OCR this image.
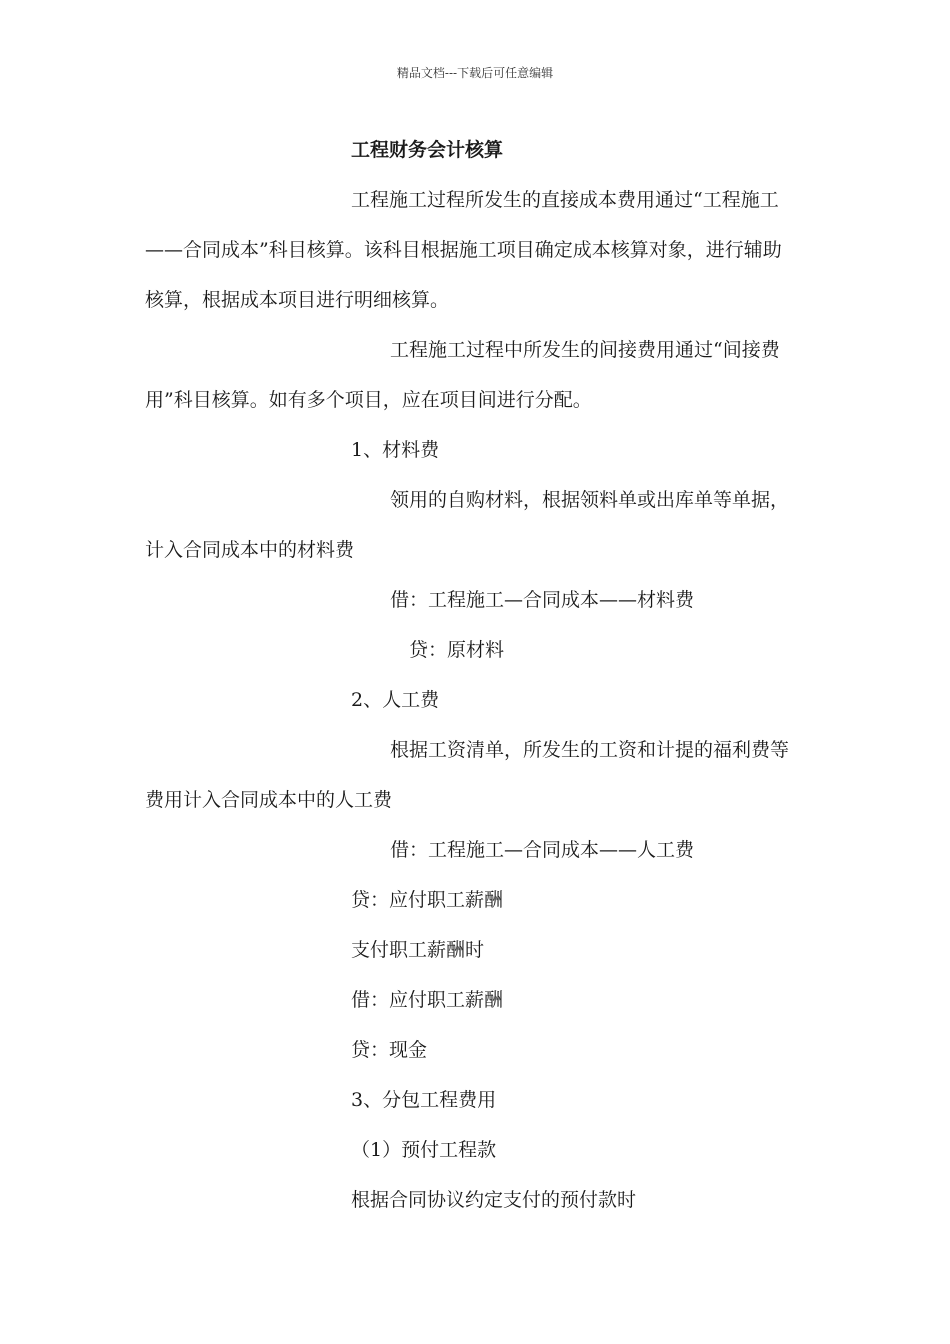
精品文档---下载后可任意编辑
工程财务会计核算
工程施工过程所发生的直接成本费用通过“工程施工
——合同成本”科目核算。该科目根据施工项目确定成本核算对象，进行辅助
核算，根据成本项目进行明细核算。
工程施工过程中所发生的间接费用通过“间接费
用”科目核算。如有多个项目，应在项目间进行分配。
1、材料费
领用的自购材料，根据领料单或出库单等单据，
计入合同成本中的材料费
借：工程施工—合同成本——材料费
贷：原材料
2、人工费
根据工资清单，所发生的工资和计提的福利费等
费用计入合同成本中的人工费
借：工程施工—合同成本——人工费
贷：应付职工薪酬
支付职工薪酬时
借：应付职工薪酬
贷：现金
3、分包工程费用
（1）预付工程款
根据合同协议约定支付的预付款时
